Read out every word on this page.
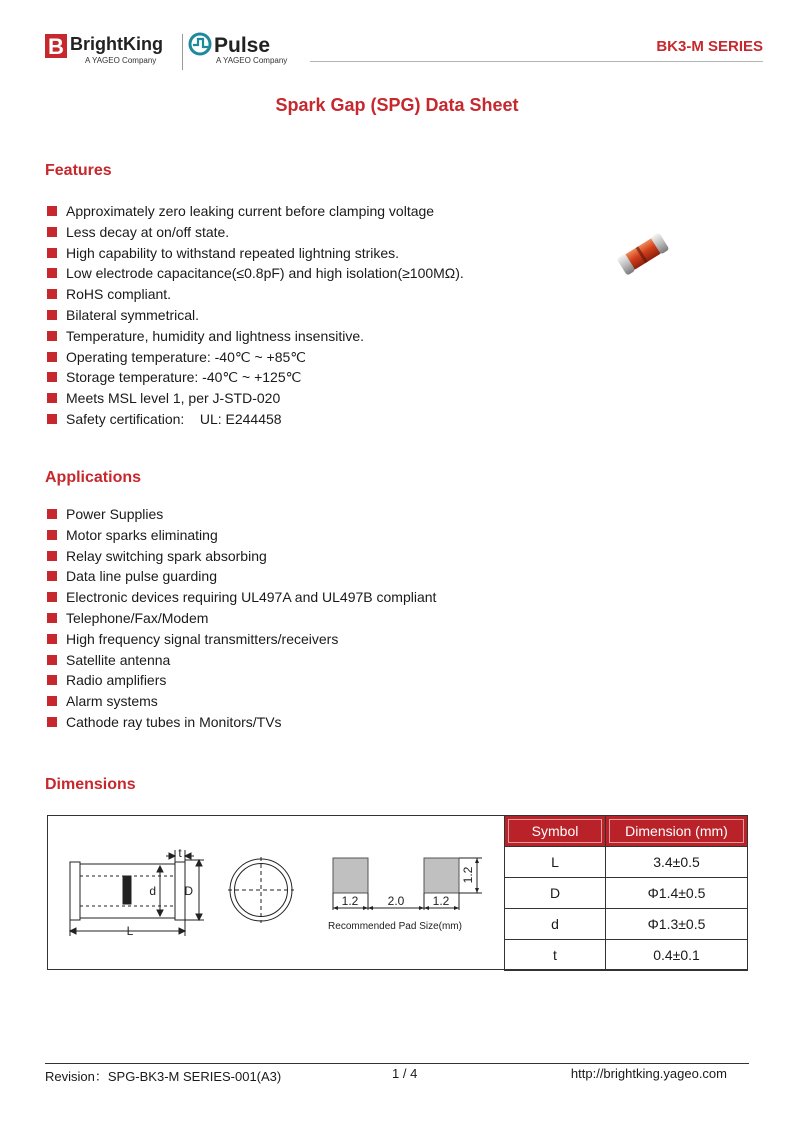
B BrightKing
A YAGEO Company
Pulse
A YAGEO Company
BK3-M SERIES
Spark Gap (SPG) Data Sheet
Features
Approximately zero leaking current before clamping voltage
Less decay at on/off state.
High capability to withstand repeated lightning strikes.
Low electrode capacitance(≤0.8pF) and high isolation(≥100MΩ).
RoHS compliant.
Bilateral symmetrical.
Temperature, humidity and lightness insensitive.
Operating temperature: -40℃ ~ +85℃
Storage temperature: -40℃ ~ +125℃
Meets MSL level 1, per J-STD-020
Safety certification:    UL: E244458
Applications
Power Supplies
Motor sparks eliminating
Relay switching spark absorbing
Data line pulse guarding
Electronic devices requiring UL497A and UL497B compliant
Telephone/Fax/Modem
High frequency signal transmitters/receivers
Satellite antenna
Radio amplifiers
Alarm systems
Cathode ray tubes in Monitors/TVs
Dimensions
t
d D
L
1.2 2.0 1.2
1.2
Recommended Pad Size(mm)
Symbol	Dimension (mm)

L	3.4±0.5
D	Φ1.4±0.5
d	Φ1.3±0.5
t	0.4±0.1
Revision：SPG-BK3-M SERIES-001(A3)	1 / 4	http://brightking.yageo.com
